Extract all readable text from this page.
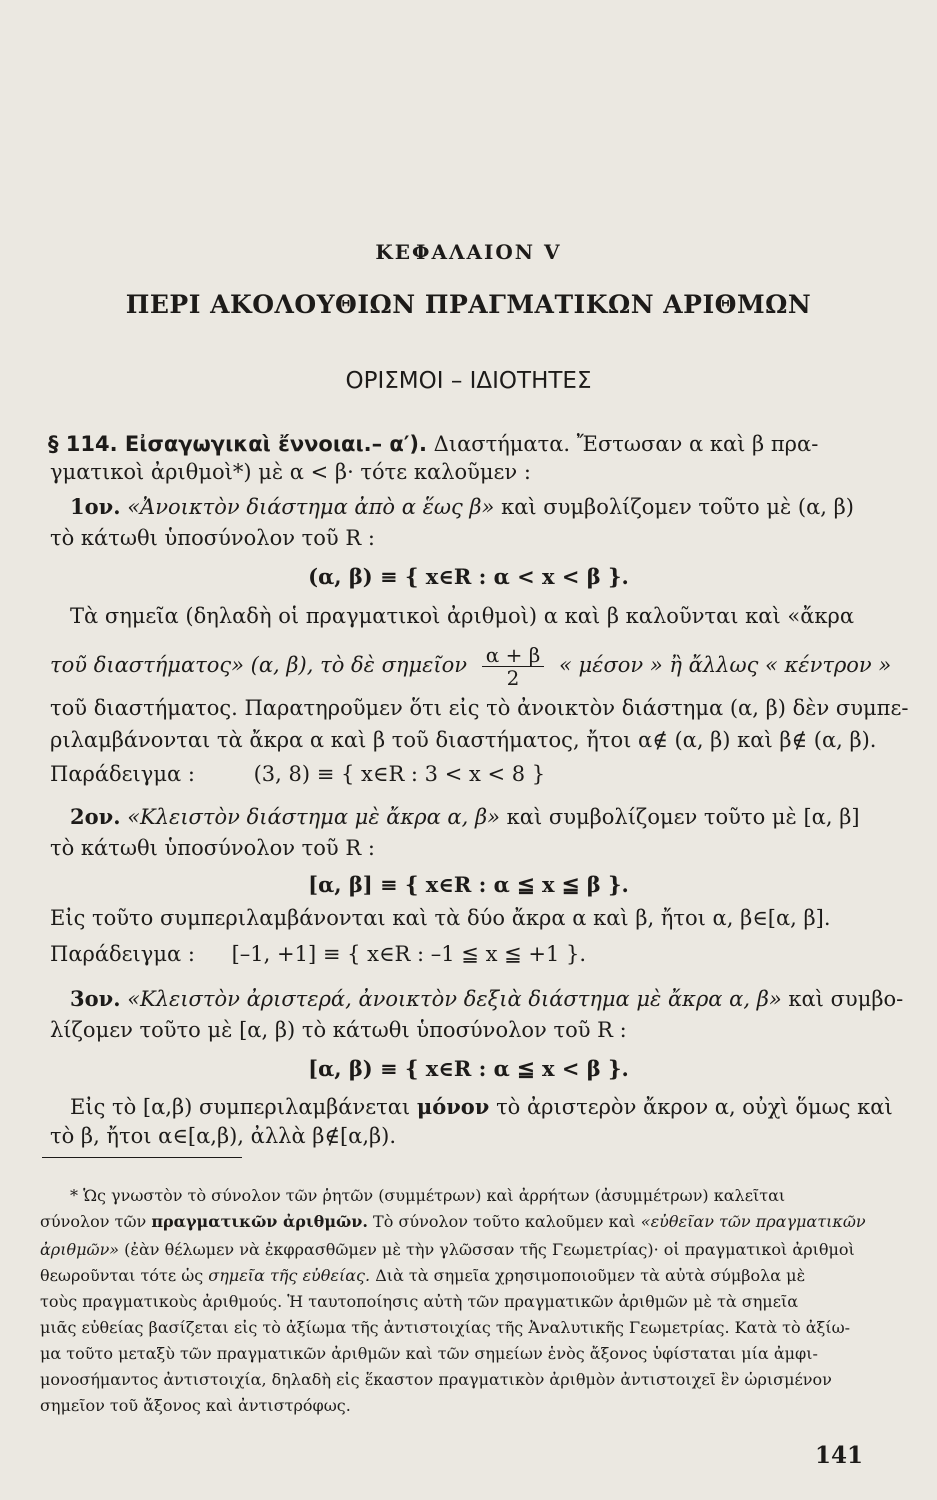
ΚΕΦΑΛΑΙΟΝ V
ΠΕΡΙ ΑΚΟΛΟΥΘΙΩΝ ΠΡΑΓΜΑΤΙΚΩΝ ΑΡΙΘΜΩΝ
ΟΡΙΣΜΟΙ – ΙΔΙΟΤΗΤΕΣ
§ 114. Εἰσαγωγικαὶ ἔννοιαι.– α′). Διαστήματα. Ἔστωσαν α καὶ β πρα-
γματικοὶ ἀριθμοὶ*) μὲ α < β· τότε καλοῦμεν :
1ον. «Ἀνοικτὸν διάστημα ἀπὸ α ἕως β» καὶ συμβολίζομεν τοῦτο μὲ (α, β)
τὸ κάτωθι ὑποσύνολον τοῦ R :
(α, β) ≡ { x∈R : α < x < β }.
Τὰ σημεῖα (δηλαδὴ οἱ πραγματικοὶ ἀριθμοὶ) α καὶ β καλοῦνται καὶ «ἄκρα
τοῦ διαστήματος» (α, β), τὸ δὲ σημεῖον $\frac{\alpha + \beta}{2}$ « μέσον » ἢ ἄλλως « κέντρον »
τοῦ διαστήματος. Παρατηροῦμεν ὅτι εἰς τὸ ἀνοικτὸν διάστημα (α, β) δὲν συμπε-
ριλαμβάνονται τὰ ἄκρα α καὶ β τοῦ διαστήματος, ἤτοι α∉ (α, β) καὶ β∉ (α, β).
Παράδειγμα :	(3, 8) ≡ { x∈R : 3 < x < 8 }
2ον. «Κλειστὸν διάστημα μὲ ἄκρα α, β» καὶ συμβολίζομεν τοῦτο μὲ [α, β]
τὸ κάτωθι ὑποσύνολον τοῦ R :
[α, β] ≡ { x∈R : α ≦ x ≦ β }.
Εἰς τοῦτο συμπεριλαμβάνονται καὶ τὰ δύο ἄκρα α καὶ β, ἤτοι α, β∈[α, β].
Παράδειγμα : [–1, +1] ≡ { x∈R : –1 ≦ x ≦ +1 }.
3ον. «Κλειστὸν ἀριστερά, ἀνοικτὸν δεξιὰ διάστημα μὲ ἄκρα α, β» καὶ συμβο-
λίζομεν τοῦτο μὲ [α, β) τὸ κάτωθι ὑποσύνολον τοῦ R :
[α, β) ≡ { x∈R : α ≦ x < β }.
Εἰς τὸ [α,β) συμπεριλαμβάνεται μόνον τὸ ἀριστερὸν ἄκρον α, οὐχὶ ὅμως καὶ
τὸ β, ἤτοι α∈[α,β), ἀλλὰ β∉[α,β).
* Ὡς γνωστὸν τὸ σύνολον τῶν ῥητῶν (συμμέτρων) καὶ ἀρρήτων (ἀσυμμέτρων) καλεῖται
σύνολον τῶν πραγματικῶν ἀριθμῶν. Τὸ σύνολον τοῦτο καλοῦμεν καὶ «εὐθεῖαν τῶν πραγματικῶν
ἀριθμῶν» (ἐὰν θέλωμεν νὰ ἐκφρασθῶμεν μὲ τὴν γλῶσσαν τῆς Γεωμετρίας)· οἱ πραγματικοὶ ἀριθμοὶ
θεωροῦνται τότε ὡς σημεῖα τῆς εὐθείας. Διὰ τὰ σημεῖα χρησιμοποιοῦμεν τὰ αὐτὰ σύμβολα μὲ
τοὺς πραγματικοὺς ἀριθμούς. Ἡ ταυτοποίησις αὐτὴ τῶν πραγματικῶν ἀριθμῶν μὲ τὰ σημεῖα
μιᾶς εὐθείας βασίζεται εἰς τὸ ἀξίωμα τῆς ἀντιστοιχίας τῆς Ἀναλυτικῆς Γεωμετρίας. Κατὰ τὸ ἀξίω-
μα τοῦτο μεταξὺ τῶν πραγματικῶν ἀριθμῶν καὶ τῶν σημείων ἑνὸς ἄξονος ὑφίσταται μία ἀμφι-
μονοσήμαντος ἀντιστοιχία, δηλαδὴ εἰς ἕκαστον πραγματικὸν ἀριθμὸν ἀντιστοιχεῖ ἓν ὡρισμένον
σημεῖον τοῦ ἄξονος καὶ ἀντιστρόφως.
141
